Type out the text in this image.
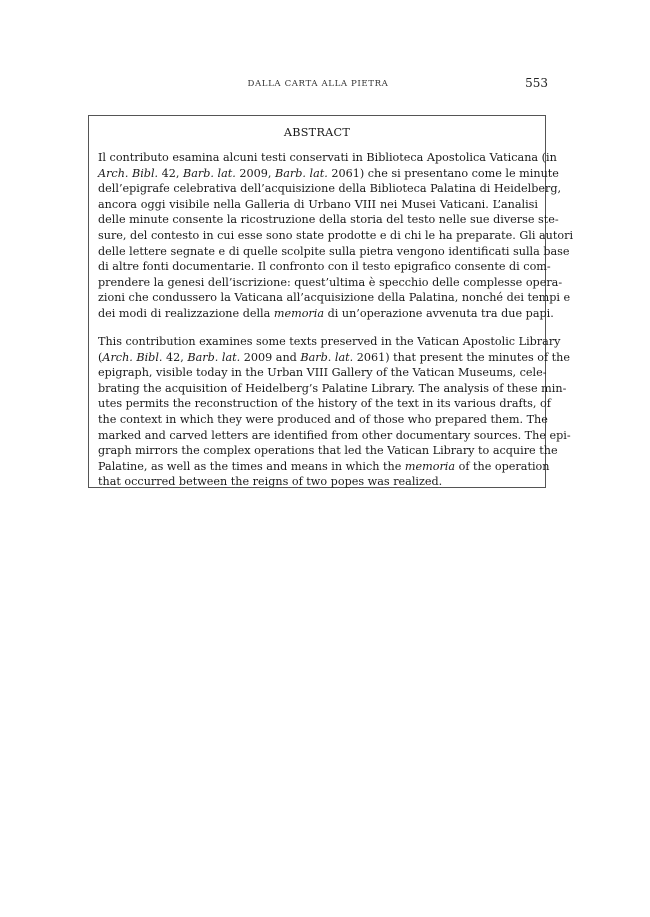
DALLA CARTA ALLA PIETRA	553
ABSTRACT
Il contributo esamina alcuni testi conservati in Biblioteca Apostolica Vaticana (in
Arch. Bibl. 42, Barb. lat. 2009, Barb. lat. 2061) che si presentano come le minute
dell’epigrafe celebrativa dell’acquisizione della Biblioteca Palatina di Heidelberg,
ancora oggi visibile nella Galleria di Urbano VIII nei Musei Vaticani. L’analisi
delle minute consente la ricostruzione della storia del testo nelle sue diverse ste-
sure, del contesto in cui esse sono state prodotte e di chi le ha preparate. Gli autori
delle lettere segnate e di quelle scolpite sulla pietra vengono identificati sulla base
di altre fonti documentarie. Il confronto con il testo epigrafico consente di com-
prendere la genesi dell’iscrizione: quest’ultima è specchio delle complesse opera-
zioni che condussero la Vaticana all’acquisizione della Palatina, nonché dei tempi e
dei modi di realizzazione della memoria di un’operazione avvenuta tra due papi.
This contribution examines some texts preserved in the Vatican Apostolic Library
(Arch. Bibl. 42, Barb. lat. 2009 and Barb. lat. 2061) that present the minutes of the
epigraph, visible today in the Urban VIII Gallery of the Vatican Museums, cele-
brating the acquisition of Heidelberg’s Palatine Library. The analysis of these min-
utes permits the reconstruction of the history of the text in its various drafts, of
the context in which they were produced and of those who prepared them. The
marked and carved letters are identified from other documentary sources. The epi-
graph mirrors the complex operations that led the Vatican Library to acquire the
Palatine, as well as the times and means in which the memoria of the operation
that occurred between the reigns of two popes was realized.
